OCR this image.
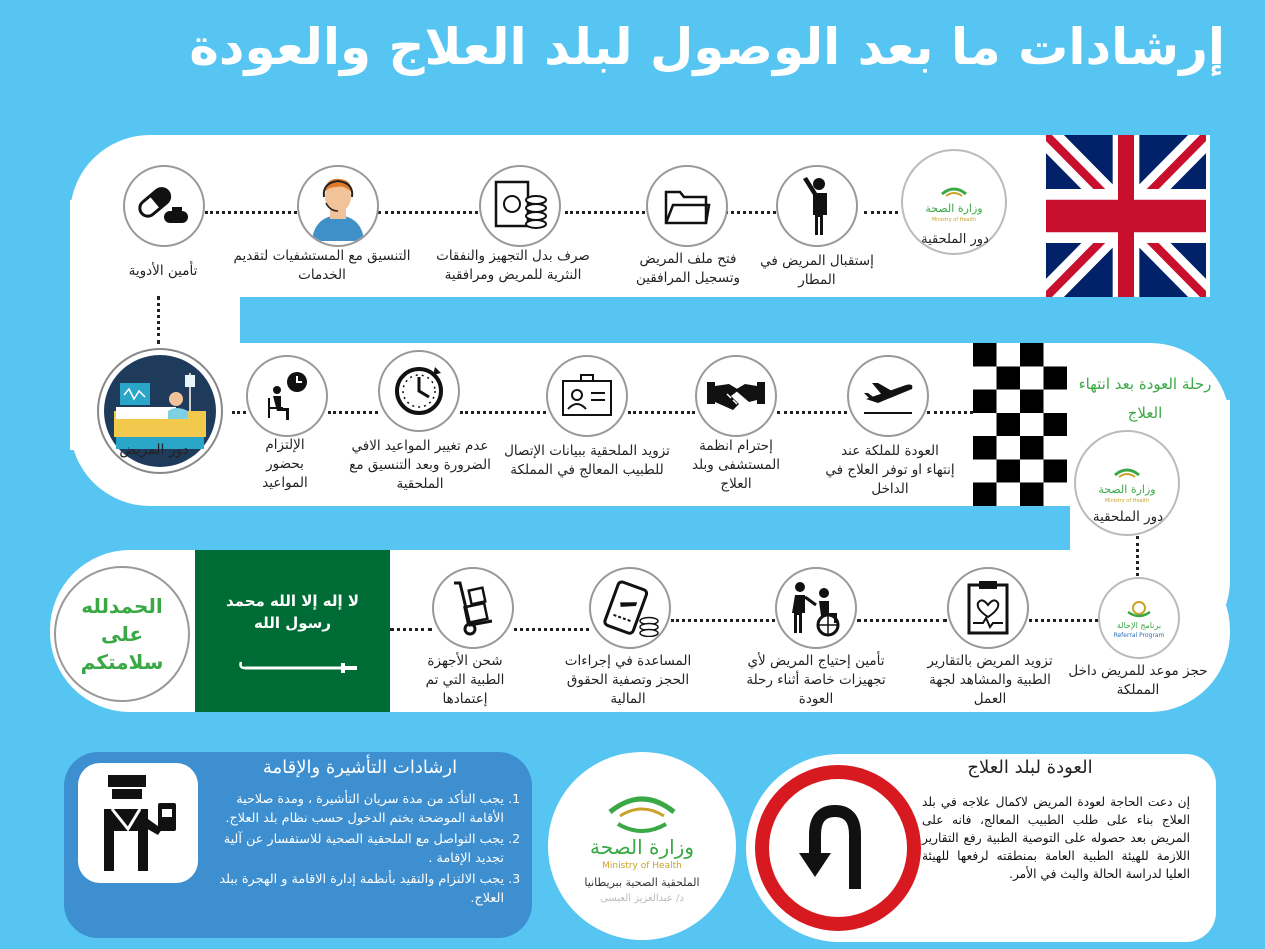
إرشادات ما بعد الوصول لبلد العلاج والعودة
وزارة الصحة
Ministry of Health
دور الملحقية
إستقبال المريض في المطار
فتح ملف المريض وتسجيل المرافقين
صرف بدل التجهيز والنفقات النثرية للمريض ومرافقية
التنسيق مع المستشفيات لتقديم الخدمات
تأمين الأدوية
رحلة العودة بعد انتهاء العلاج
وزارة الصحة
Ministry of Health
دور الملحقية
العودة للملكة عند إنتهاء او توفر العلاج في الداخل
إحترام انظمة المستشفى وبلد العلاج
تزويد الملحقية ببيانات الإتصال للطبيب المعالج في المملكة
عدم تغيير المواعيد الافي الضرورة وبعد التنسيق مع الملحقية
الإلتزام بحضور المواعيد
دور المريض
برنامج الإحالة
Referral Program
حجز موعد للمريض داخل المملكة
تزويد المريض بالتقارير الطبية والمشاهد لجهة العمل
تأمين إحتياج المريض لأي تجهيزات خاصة أثناء رحلة العودة
المساعدة في إجراءات الحجز وتصفية الحقوق المالية
شحن الأجهزة الطبية التي تم إعتمادها
لا إله إلا الله محمد رسول الله
الحمدلله
على
سلامتكم
ارشادات التأشيرة والإقامة
1. يجب التأكد من مدة سريان التأشيرة ، ومدة صلاحية الأقامة الموضحة بختم الدخول حسب نظام بلد العلاج.
2. يجب التواصل مع الملحقية الصحية للاستفسار عن آلية تجديد الإقامة .
3. يجب الالتزام والتقيد بأنظمة إدارة الاقامة و الهجرة ببلد العلاج.
وزارة الصحة
Ministry of Health
الملحقية الصحية ببريطانيا
د/ عبدالعزيز العيسى
العودة لبلد العلاج
إن دعت الحاجة لعودة المريض لاكمال علاجه في بلد العلاج بناء على طلب الطبيب المعالج، فانه على المريض بعد حصوله على التوصية الطبية رفع التقارير اللازمة للهيئة الطبية العامة بمنطقته لرفعها للهيئة العليا لدراسة الحالة والبث في الأمر.
